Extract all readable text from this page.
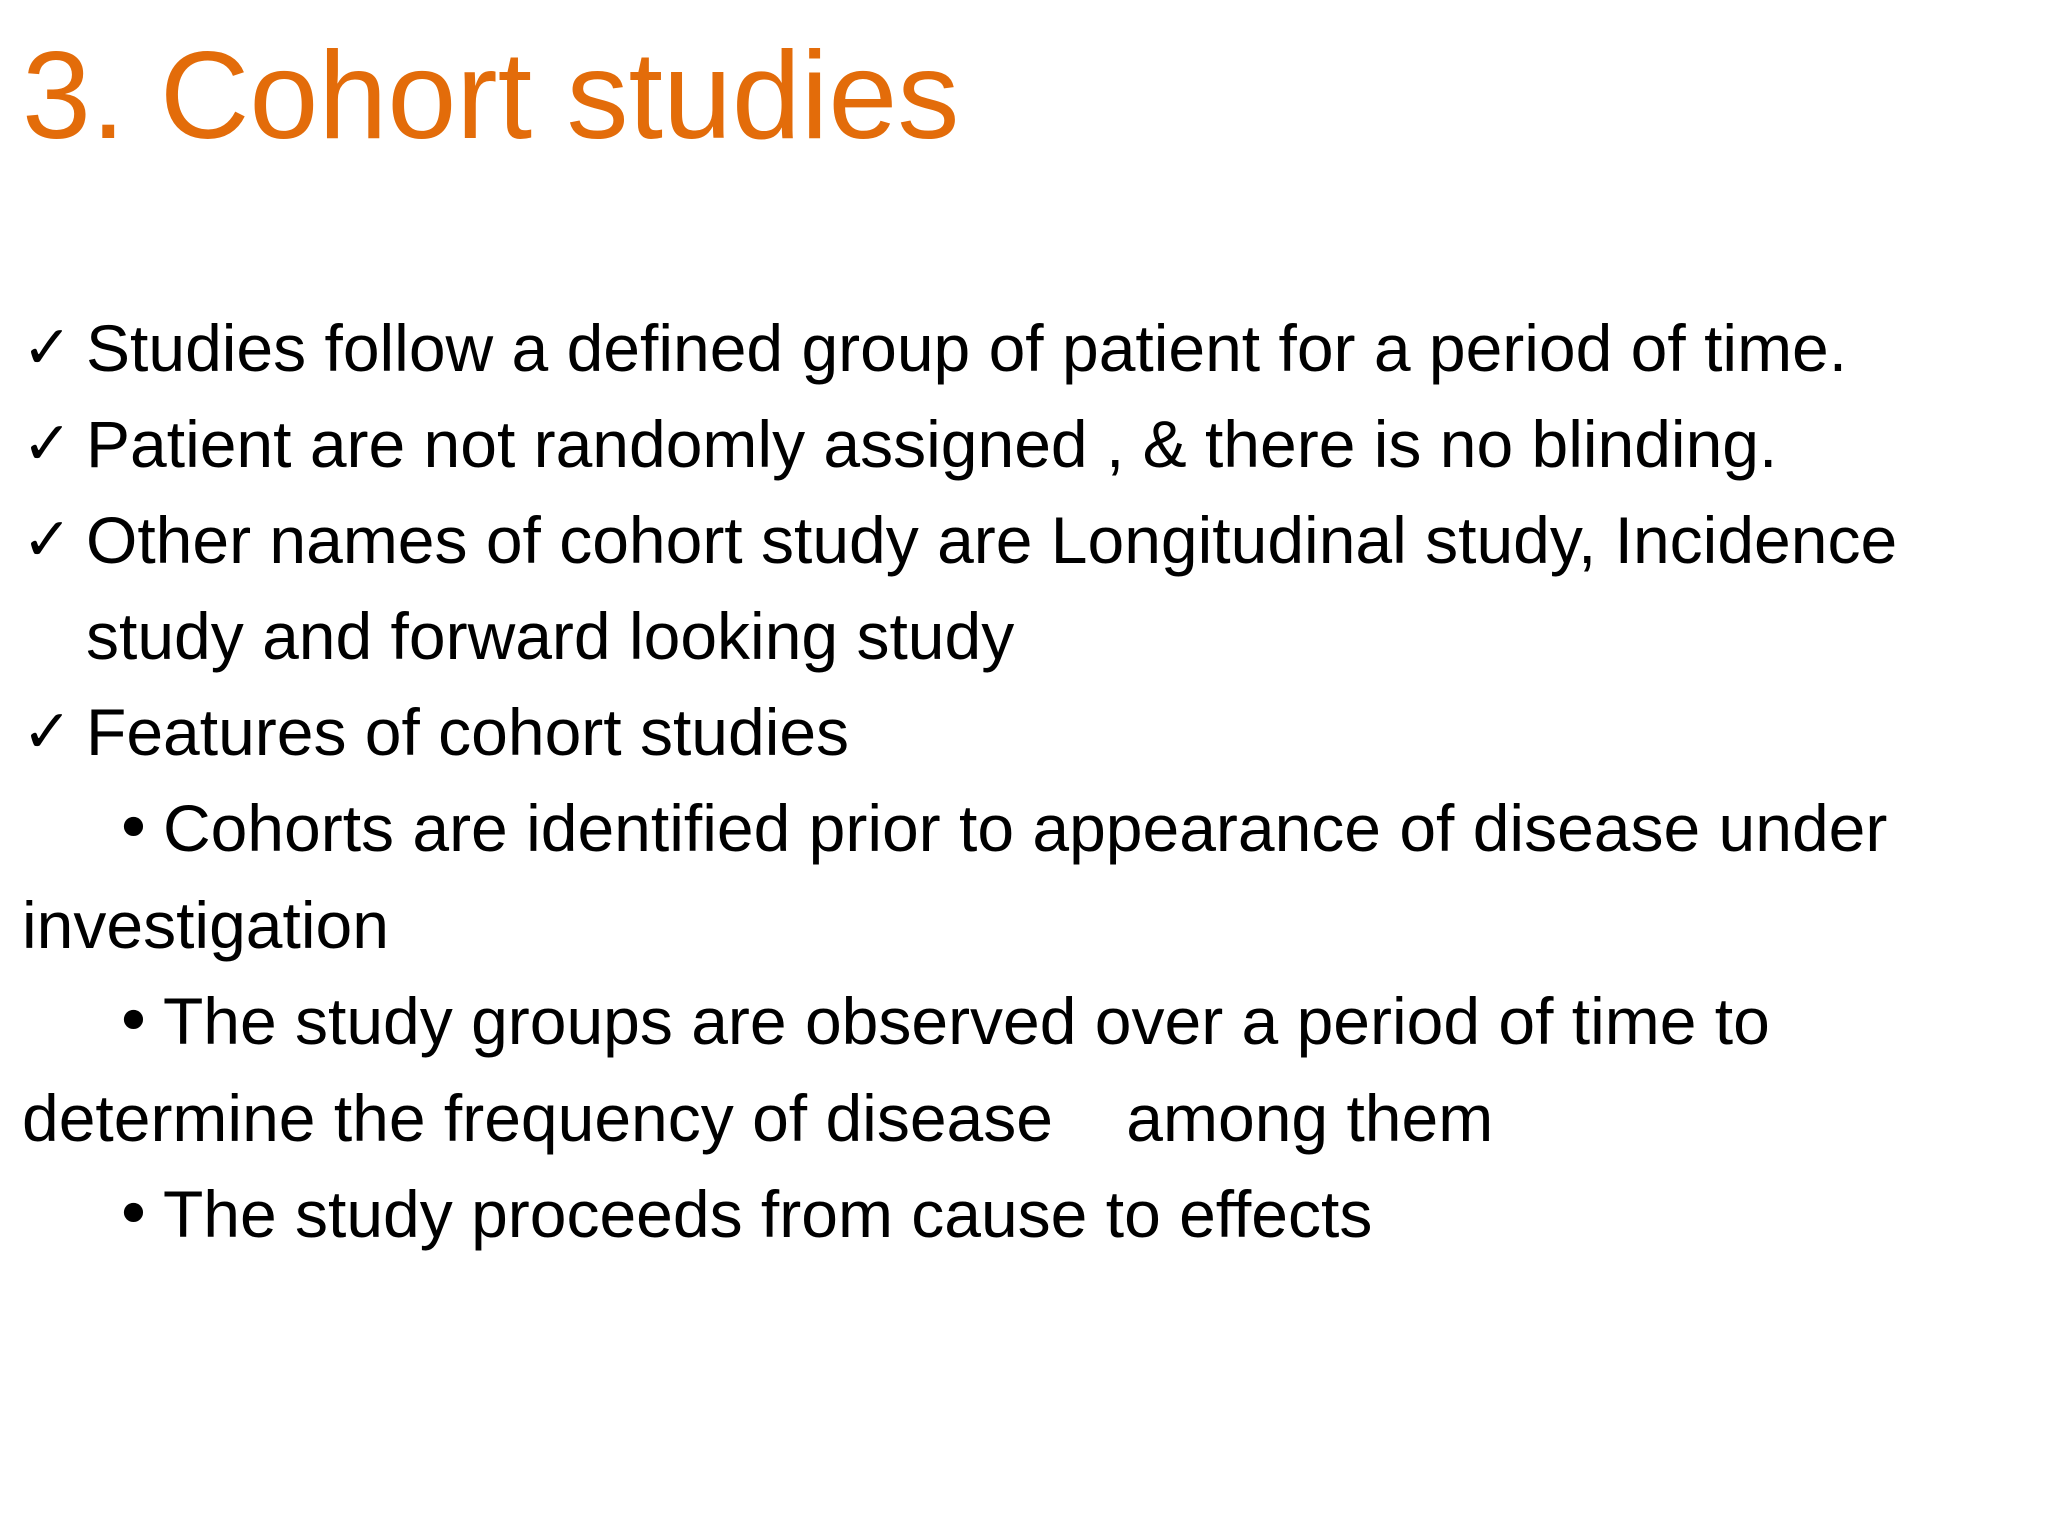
3. Cohort studies
✓ Studies follow a defined group of patient for a period of time.
✓ Patient are not randomly assigned , & there is no blinding.
✓ Other names of cohort study are Longitudinal study, Incidence study and forward looking study
✓ Features of cohort studies
• Cohorts are identified prior to appearance of disease under investigation
• The study groups are observed over a period of time to determine the frequency of disease    among them
• The study proceeds from cause to effects
